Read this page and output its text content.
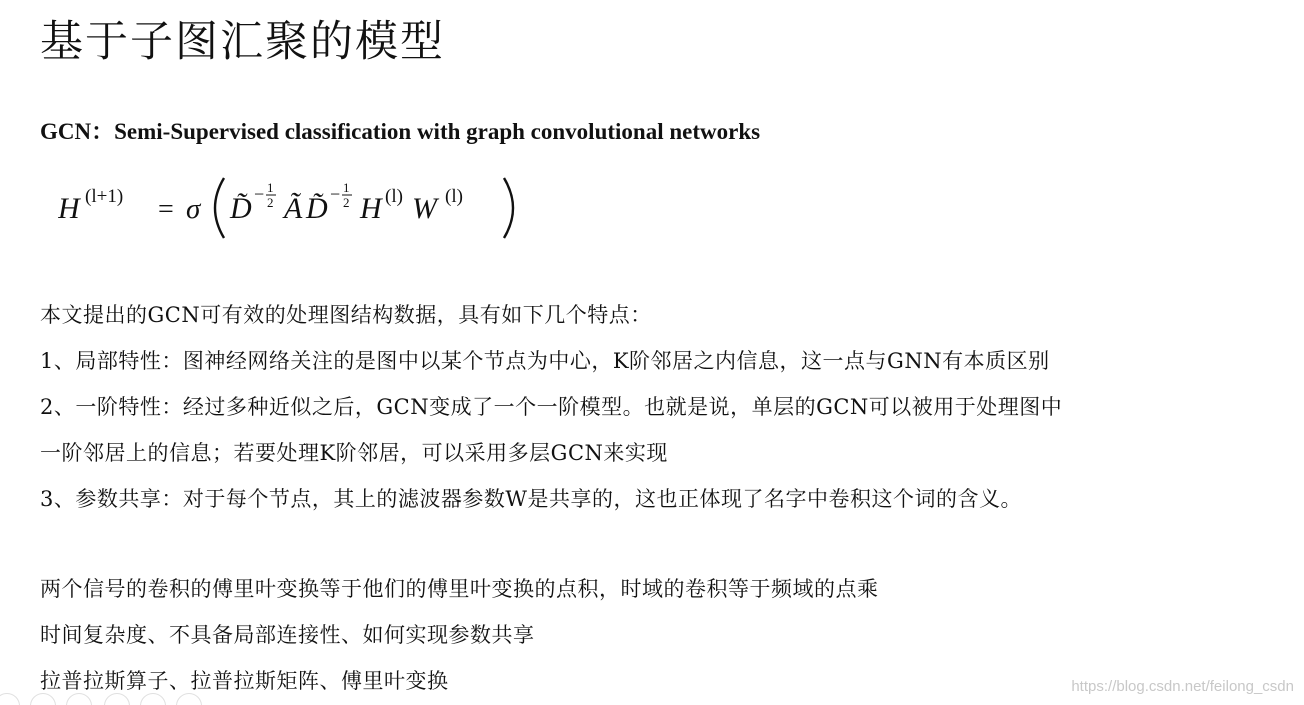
基于子图汇聚的模型
GCN：Semi-Supervised classification with graph convolutional networks
H (l+1) = σ D̃ − 1
2 Ã D̃ − 1
2 H (l) W (l)
本文提出的GCN可有效的处理图结构数据，具有如下几个特点：
1、局部特性：图神经网络关注的是图中以某个节点为中心，K阶邻居之内信息，这一点与GNN有本质区别
2、一阶特性：经过多种近似之后，GCN变成了一个一阶模型。也就是说，单层的GCN可以被用于处理图中
一阶邻居上的信息；若要处理K阶邻居，可以采用多层GCN来实现
3、参数共享：对于每个节点，其上的滤波器参数W是共享的，这也正体现了名字中卷积这个词的含义。
两个信号的卷积的傅里叶变换等于他们的傅里叶变换的点积，时域的卷积等于频域的点乘
时间复杂度、不具备局部连接性、如何实现参数共享
拉普拉斯算子、拉普拉斯矩阵、傅里叶变换	https://blog.csdn.net/feilong_csdn
